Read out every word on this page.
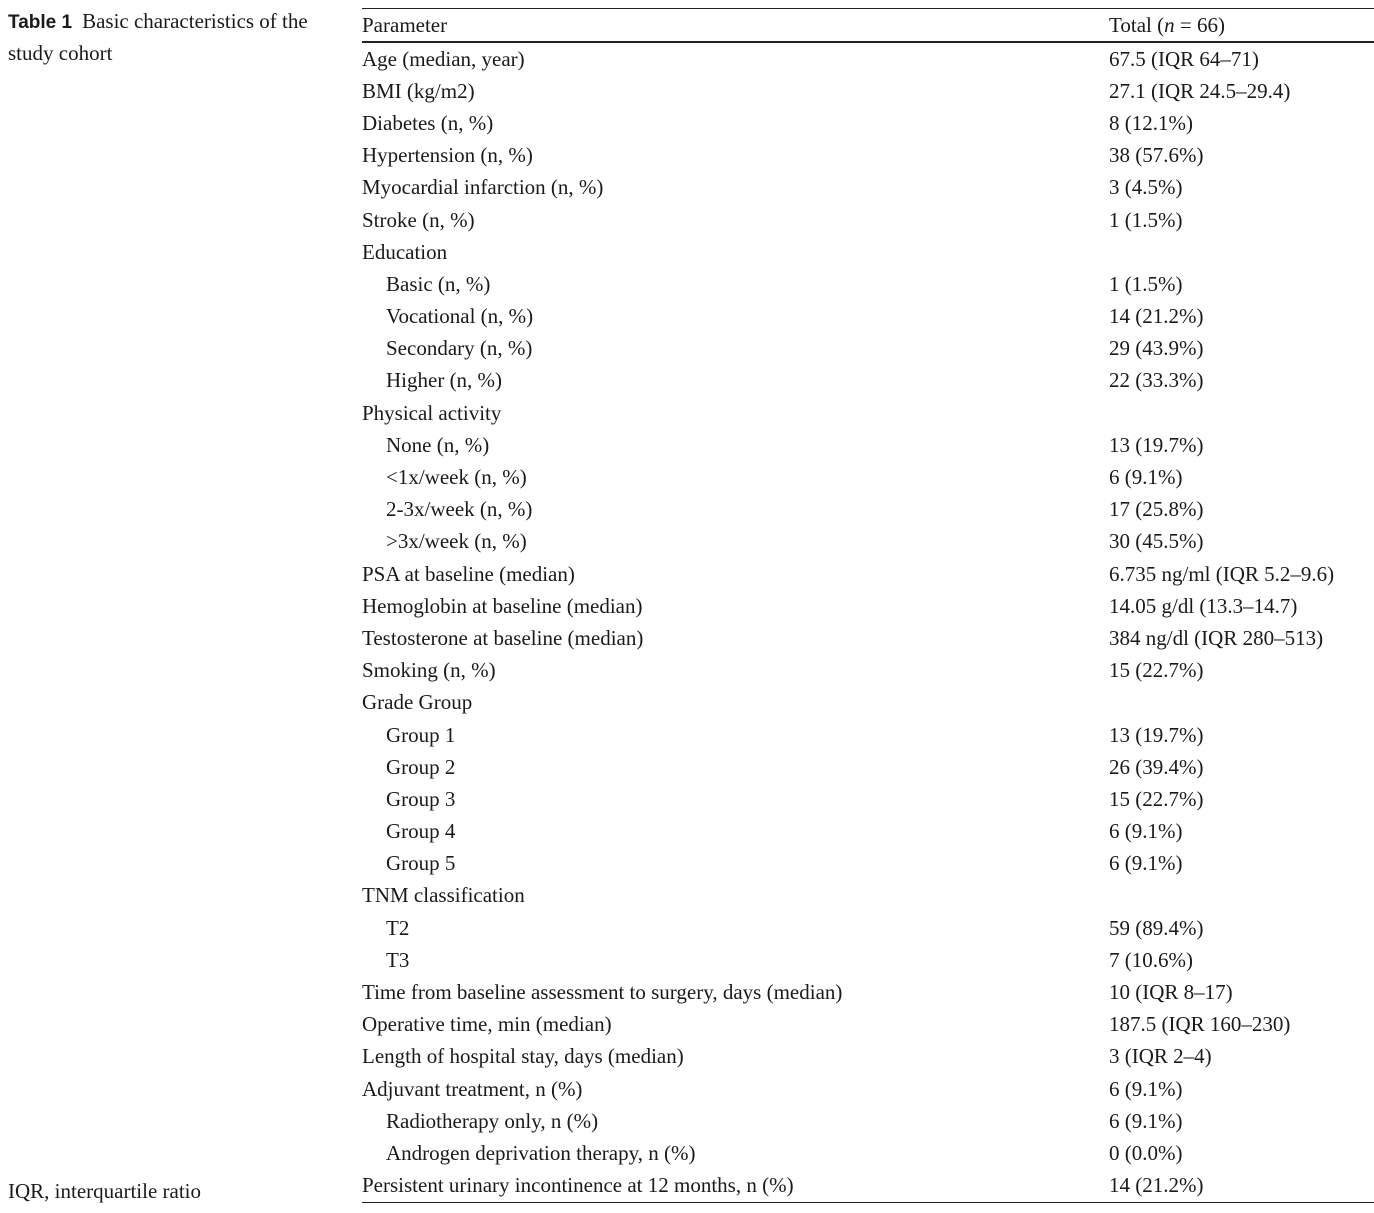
Table 1 Basic characteristics of the study cohort
Parameter	Total (n = 66)
Age (median, year)	67.5 (IQR 64–71)
BMI (kg/m2)	27.1 (IQR 24.5–29.4)
Diabetes (n, %)	8 (12.1%)
Hypertension (n, %)	38 (57.6%)
Myocardial infarction (n, %)	3 (4.5%)
Stroke (n, %)	1 (1.5%)
Education
Basic (n, %)	1 (1.5%)
Vocational (n, %)	14 (21.2%)
Secondary (n, %)	29 (43.9%)
Higher (n, %)	22 (33.3%)
Physical activity
None (n, %)	13 (19.7%)
<1x/week (n, %)	6 (9.1%)
2-3x/week (n, %)	17 (25.8%)
>3x/week (n, %)	30 (45.5%)
PSA at baseline (median)	6.735 ng/ml (IQR 5.2–9.6)
Hemoglobin at baseline (median)	14.05 g/dl (13.3–14.7)
Testosterone at baseline (median)	384 ng/dl (IQR 280–513)
Smoking (n, %)	15 (22.7%)
Grade Group
Group 1	13 (19.7%)
Group 2	26 (39.4%)
Group 3	15 (22.7%)
Group 4	6 (9.1%)
Group 5	6 (9.1%)
TNM classification
T2	59 (89.4%)
T3	7 (10.6%)
Time from baseline assessment to surgery, days (median)	10 (IQR 8–17)
Operative time, min (median)	187.5 (IQR 160–230)
Length of hospital stay, days (median)	3 (IQR 2–4)
Adjuvant treatment, n (%)	6 (9.1%)
Radiotherapy only, n (%)	6 (9.1%)
Androgen deprivation therapy, n (%)	0 (0.0%)
Persistent urinary incontinence at 12 months, n (%)	14 (21.2%)
IQR, interquartile ratio
